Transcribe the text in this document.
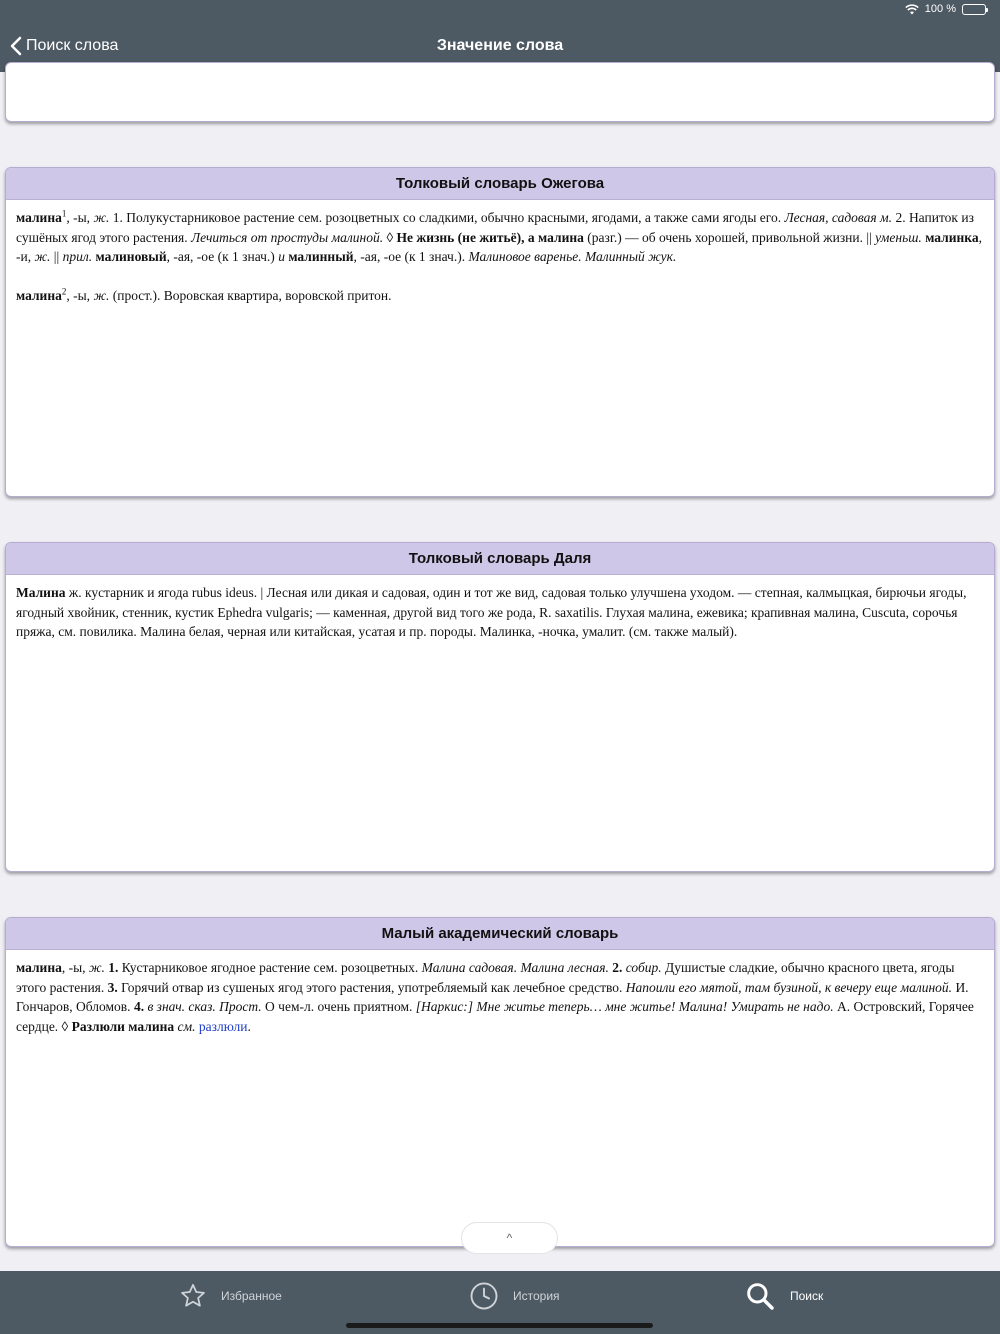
100 %
Поиск слова	Значение слова
Толковый словарь Ожегова

малина$^1$, -ы, ж. 1. Полукустарниковое растение сем. розоцветных со сладкими, обычно красными, ягодами, а также сами ягоды его. Лесная, садовая м. 2. Напиток из сушёных ягод этого растения. Лечиться от простуды малиной. ◊ Не жизнь (не житьё), а малина (разг.) — об очень хорошей, привольной жизни. || уменьш. малинка, -и, ж. || прил. малиновый, -ая, -ое (к 1 знач.) и малинный, -ая, -ое (к 1 знач.). Малиновое варенье. Малинный жук.

малина$^2$, -ы, ж. (прост.). Воровская квартира, воровской притон.

Толковый словарь Даля

Малина ж. кустарник и ягода rubus ideus. | Лесная или дикая и садовая, один и тот же вид, садовая только улучшена уходом. — степная, калмыцкая, бирючьи ягоды, ягодный хвойник, стенник, кустик Ephedra vulgaris; — каменная, другой вид того же рода, R. saxatilis. Глухая малина, ежевика; крапивная малина, Cuscuta, сорочья пряжа, см. повилика. Малина белая, черная или китайская, усатая и пр. породы. Малинка, -ночка, умалит. (см. также малый).

Малый академический словарь

малина, -ы, ж. 1. Кустарниковое ягодное растение сем. розоцветных. Малина садовая. Малина лесная. 2. собир. Душистые сладкие, обычно красного цвета, ягоды этого растения. 3. Горячий отвар из сушеных ягод этого растения, употребляемый как лечебное средство. Напоили его мятой, там бузиной, к вечеру еще малиной. И. Гончаров, Обломов. 4. в знач. сказ. Прост. О чем-л. очень приятном. [Наркис:] Мне житье теперь… мне житье! Малина! Умирать не надо. А. Островский, Горячее сердце. ◊ Разлюли малина см. разлюли.

^
Избранное	История	Поиск
